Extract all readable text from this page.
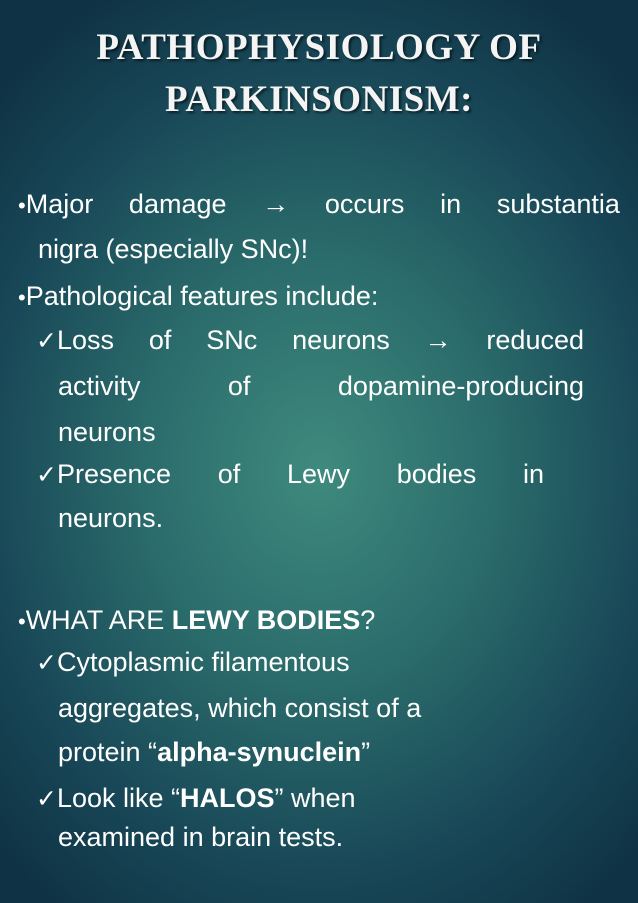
PATHOPHYSIOLOGY OF
PARKINSONISM:
•Major damage → occurs in substantia
nigra (especially SNc)!
•Pathological features include:
✓Loss of SNc neurons → reduced
activity	of	dopamine-producing
neurons
✓Presence of Lewy bodies in
neurons.
•WHAT ARE LEWY BODIES?
✓Cytoplasmic filamentous
aggregates, which consist of a
protein “alpha-synuclein”
✓Look like “HALOS” when
examined in brain tests.
